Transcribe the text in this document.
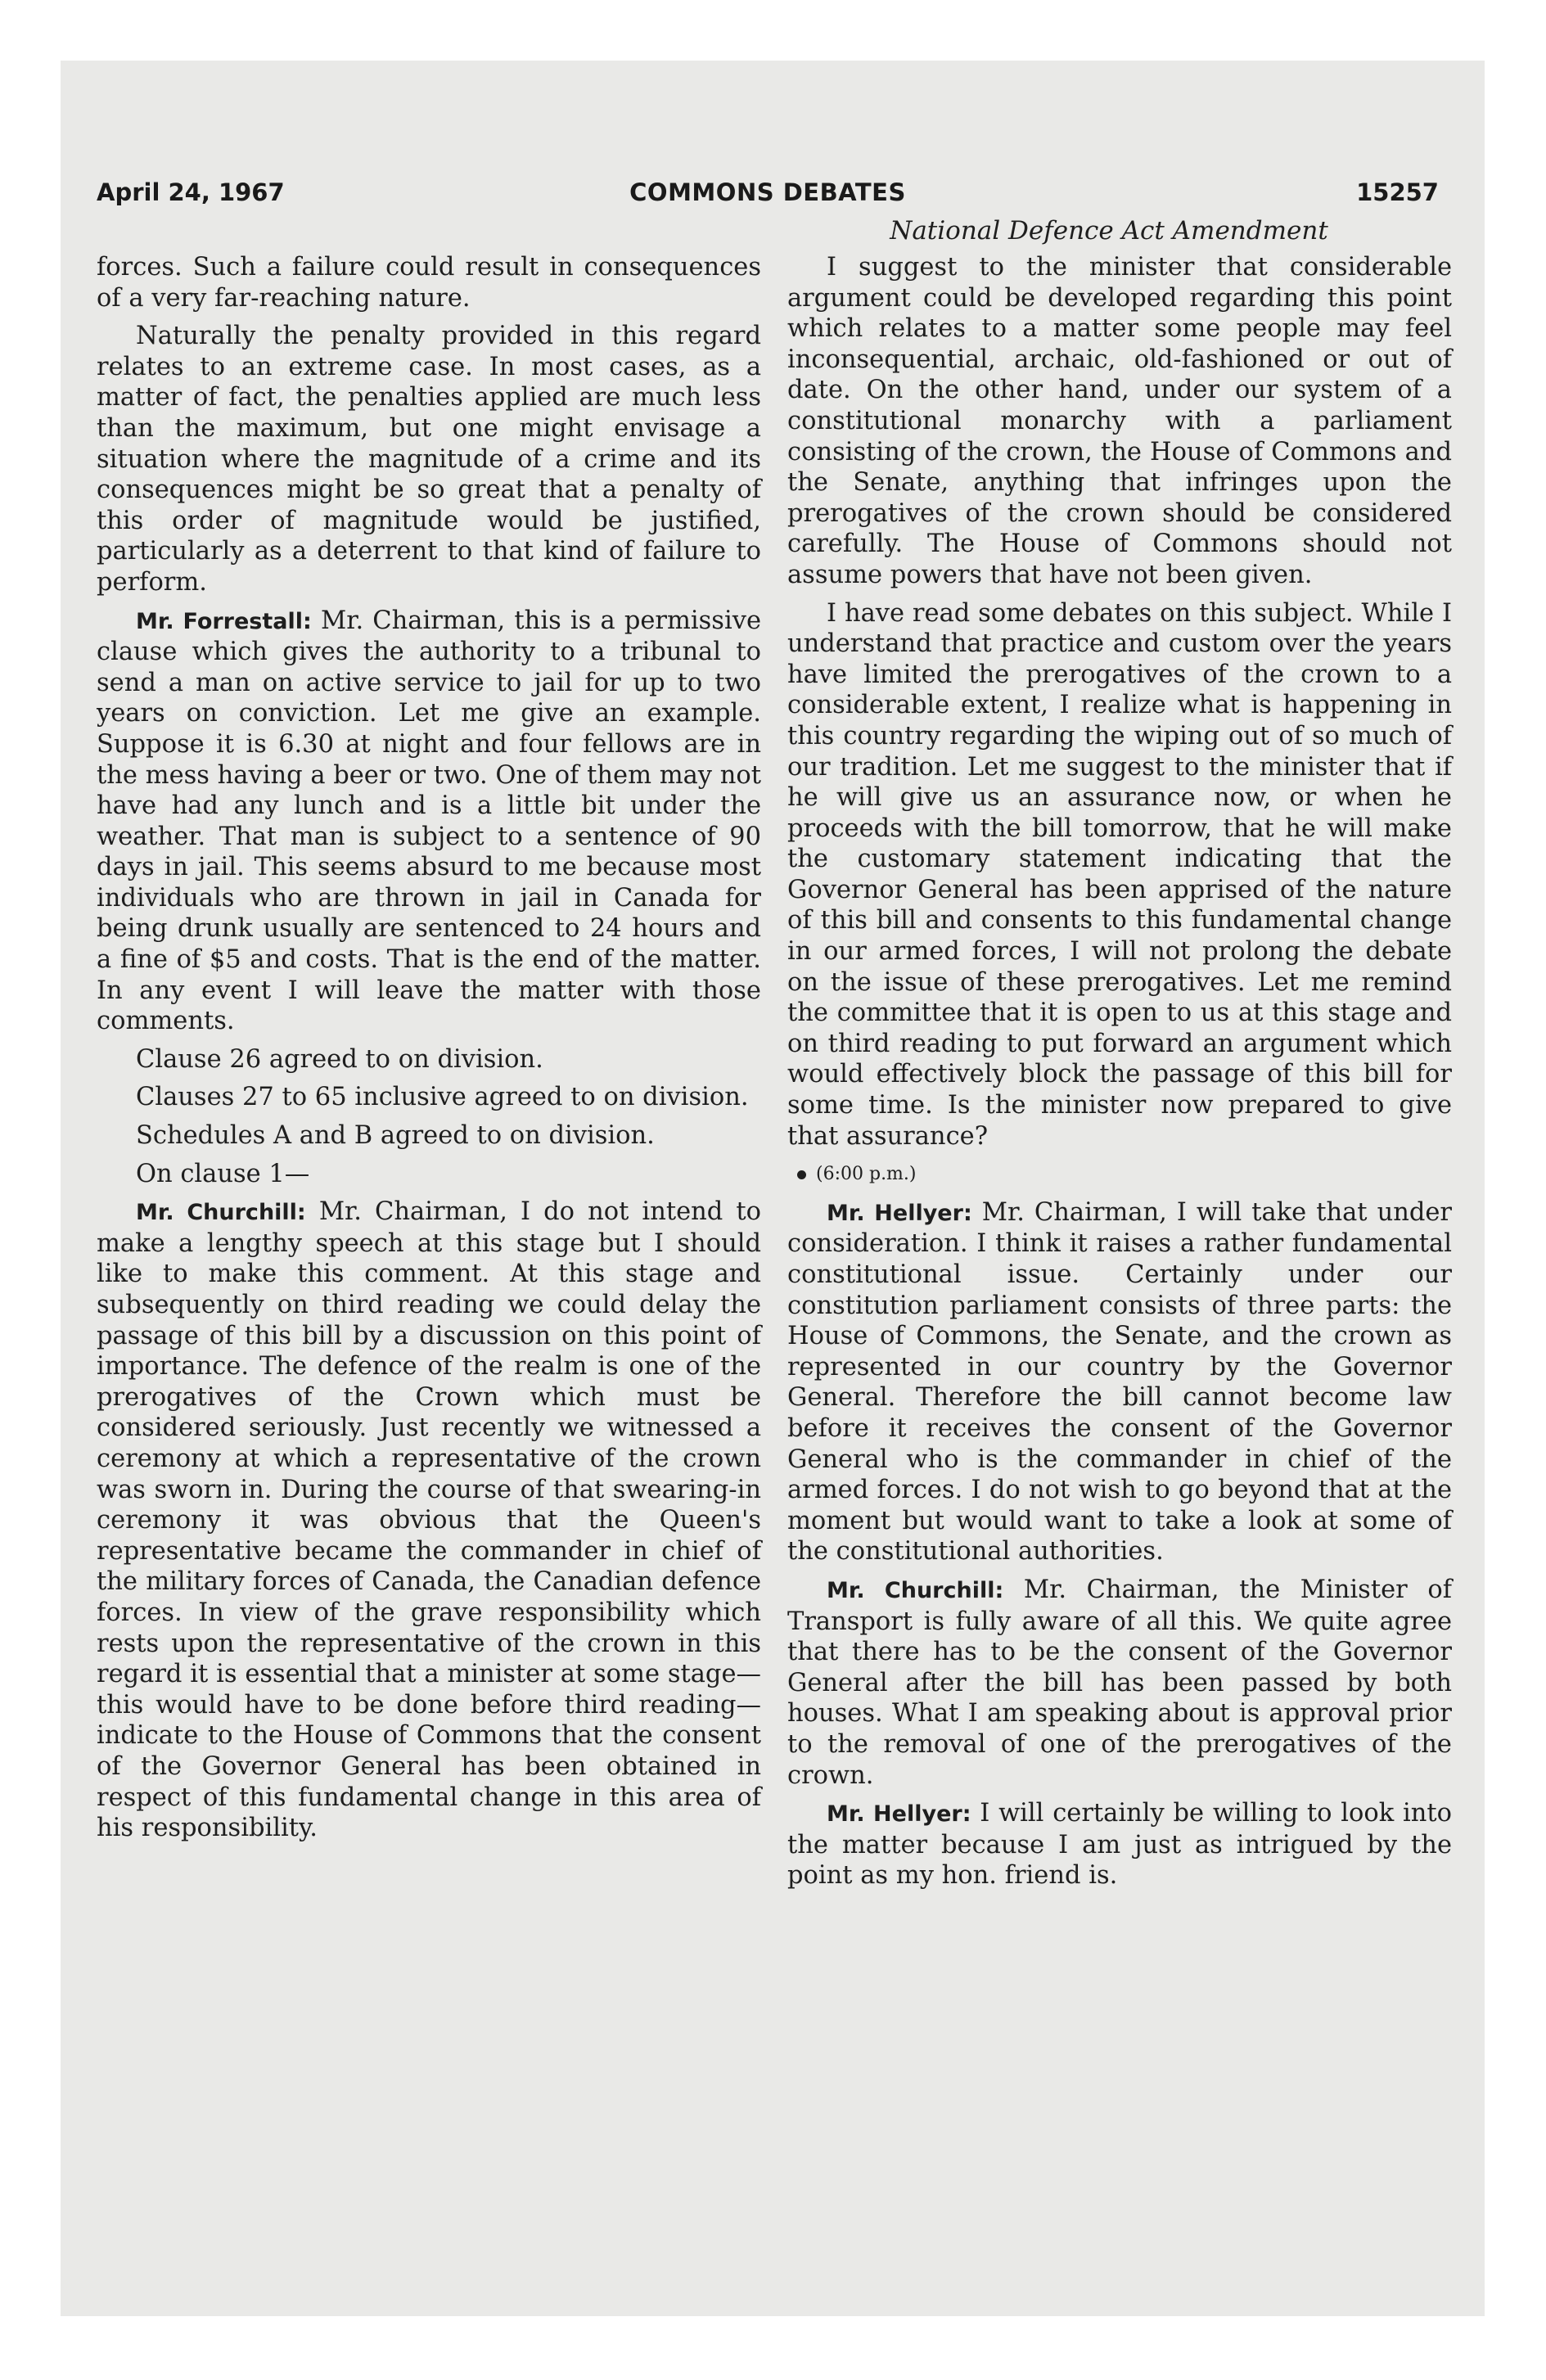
April 24, 1967	COMMONS DEBATES	15257
National Defence Act Amendment

forces. Such a failure could result in consequences of a very far-reaching nature.

Naturally the penalty provided in this regard relates to an extreme case. In most cases, as a matter of fact, the penalties applied are much less than the maximum, but one might envisage a situation where the magnitude of a crime and its consequences might be so great that a penalty of this order of magnitude would be justified, particularly as a deterrent to that kind of failure to perform.

Mr. Forrestall: Mr. Chairman, this is a permissive clause which gives the authority to a tribunal to send a man on active service to jail for up to two years on conviction. Let me give an example. Suppose it is 6.30 at night and four fellows are in the mess having a beer or two. One of them may not have had any lunch and is a little bit under the weather. That man is subject to a sentence of 90 days in jail. This seems absurd to me because most individuals who are thrown in jail in Canada for being drunk usually are sentenced to 24 hours and a fine of $5 and costs. That is the end of the matter. In any event I will leave the matter with those comments.

Clause 26 agreed to on division.

Clauses 27 to 65 inclusive agreed to on division.

Schedules A and B agreed to on division.

On clause 1—

Mr. Churchill: Mr. Chairman, I do not intend to make a lengthy speech at this stage but I should like to make this comment. At this stage and subsequently on third reading we could delay the passage of this bill by a discussion on this point of importance. The defence of the realm is one of the prerogatives of the Crown which must be considered seriously. Just recently we witnessed a ceremony at which a representative of the crown was sworn in. During the course of that swearing-in ceremony it was obvious that the Queen's representative became the commander in chief of the military forces of Canada, the Canadian defence forces. In view of the grave responsibility which rests upon the representative of the crown in this regard it is essential that a minister at some stage—this would have to be done before third reading—indicate to the House of Commons that the consent of the Governor General has been obtained in respect of this fundamental change in this area of his responsibility.

I suggest to the minister that considerable argument could be developed regarding this point which relates to a matter some people may feel inconsequential, archaic, old-fashioned or out of date. On the other hand, under our system of a constitutional monarchy with a parliament consisting of the crown, the House of Commons and the Senate, anything that infringes upon the prerogatives of the crown should be considered carefully. The House of Commons should not assume powers that have not been given.

I have read some debates on this subject. While I understand that practice and custom over the years have limited the prerogatives of the crown to a considerable extent, I realize what is happening in this country regarding the wiping out of so much of our tradition. Let me suggest to the minister that if he will give us an assurance now, or when he proceeds with the bill tomorrow, that he will make the customary statement indicating that the Governor General has been apprised of the nature of this bill and consents to this fundamental change in our armed forces, I will not prolong the debate on the issue of these prerogatives. Let me remind the committee that it is open to us at this stage and on third reading to put forward an argument which would effectively block the passage of this bill for some time. Is the minister now prepared to give that assurance?

(6:00 p.m.)

Mr. Hellyer: Mr. Chairman, I will take that under consideration. I think it raises a rather fundamental constitutional issue. Certainly under our constitution parliament consists of three parts: the House of Commons, the Senate, and the crown as represented in our country by the Governor General. Therefore the bill cannot become law before it receives the consent of the Governor General who is the commander in chief of the armed forces. I do not wish to go beyond that at the moment but would want to take a look at some of the constitutional authorities.

Mr. Churchill: Mr. Chairman, the Minister of Transport is fully aware of all this. We quite agree that there has to be the consent of the Governor General after the bill has been passed by both houses. What I am speaking about is approval prior to the removal of one of the prerogatives of the crown.

Mr. Hellyer: I will certainly be willing to look into the matter because I am just as intrigued by the point as my hon. friend is.
